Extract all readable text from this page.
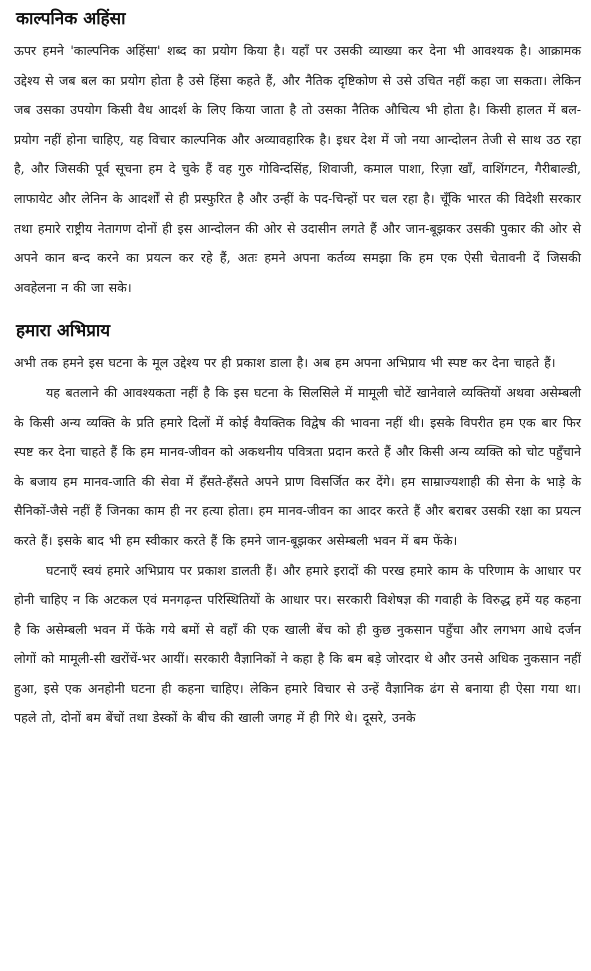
काल्पनिक अहिंसा

ऊपर हमने 'काल्पनिक अहिंसा' शब्द का प्रयोग किया है। यहाँ पर उसकी व्याख्या कर देना भी आवश्यक है। आक्रामक उद्देश्य से जब बल का प्रयोग होता है उसे हिंसा कहते हैं, और नैतिक दृष्टिकोण से उसे उचित नहीं कहा जा सकता। लेकिन जब उसका उपयोग किसी वैध आदर्श के लिए किया जाता है तो उसका नैतिक औचित्य भी होता है। किसी हालत में बल-प्रयोग नहीं होना चाहिए, यह विचार काल्पनिक और अव्यावहारिक है। इधर देश में जो नया आन्दोलन तेजी से साथ उठ रहा है, और जिसकी पूर्व सूचना हम दे चुके हैं वह गुरु गोविन्दसिंह, शिवाजी, कमाल पाशा, रिज़ा खाँ, वाशिंगटन, गैरीबाल्डी, लाफायेट और लेनिन के आदर्शों से ही प्रस्फुरित है और उन्हीं के पद-चिन्हों पर चल रहा है। चूँकि भारत की विदेशी सरकार तथा हमारे राष्ट्रीय नेतागण दोनों ही इस आन्दोलन की ओर से उदासीन लगते हैं और जान-बूझकर उसकी पुकार की ओर से अपने कान बन्द करने का प्रयत्न कर रहे हैं, अतः हमने अपना कर्तव्य समझा कि हम एक ऐसी चेतावनी दें जिसकी अवहेलना न की जा सके।

हमारा अभिप्राय

अभी तक हमने इस घटना के मूल उद्देश्य पर ही प्रकाश डाला है। अब हम अपना अभिप्राय भी स्पष्ट कर देना चाहते हैं।

यह बतलाने की आवश्यकता नहीं है कि इस घटना के सिलसिले में मामूली चोटें खानेवाले व्यक्तियों अथवा असेम्बली के किसी अन्य व्यक्ति के प्रति हमारे दिलों में कोई वैयक्तिक विद्वेष की भावना नहीं थी। इसके विपरीत हम एक बार फिर स्पष्ट कर देना चाहते हैं कि हम मानव-जीवन को अकथनीय पवित्रता प्रदान करते हैं और किसी अन्य व्यक्ति को चोट पहुँचाने के बजाय हम मानव-जाति की सेवा में हँसते-हँसते अपने प्राण विसर्जित कर देंगे। हम साम्राज्यशाही की सेना के भाड़े के सैनिकों-जैसे नहीं हैं जिनका काम ही नर हत्या होता। हम मानव-जीवन का आदर करते हैं और बराबर उसकी रक्षा का प्रयत्न करते हैं। इसके बाद भी हम स्वीकार करते हैं कि हमने जान-बूझकर असेम्बली भवन में बम फेंके।

घटनाएँ स्वयं हमारे अभिप्राय पर प्रकाश डालती हैं। और हमारे इरादों की परख हमारे काम के परिणाम के आधार पर होनी चाहिए न कि अटकल एवं मनगढ़न्त परिस्थितियों के आधार पर। सरकारी विशेषज्ञ की गवाही के विरुद्ध हमें यह कहना है कि असेम्बली भवन में फेंके गये बमों से वहाँ की एक खाली बेंच को ही कुछ नुकसान पहुँचा और लगभग आधे दर्जन लोगों को मामूली-सी खरोंचें-भर आयीं। सरकारी वैज्ञानिकों ने कहा है कि बम बड़े जोरदार थे और उनसे अधिक नुकसान नहीं हुआ, इसे एक अनहोनी घटना ही कहना चाहिए। लेकिन हमारे विचार से उन्हें वैज्ञानिक ढंग से बनाया ही ऐसा गया था। पहले तो, दोनों बम बेंचों तथा डेस्कों के बीच की खाली जगह में ही गिरे थे। दूसरे, उनके
